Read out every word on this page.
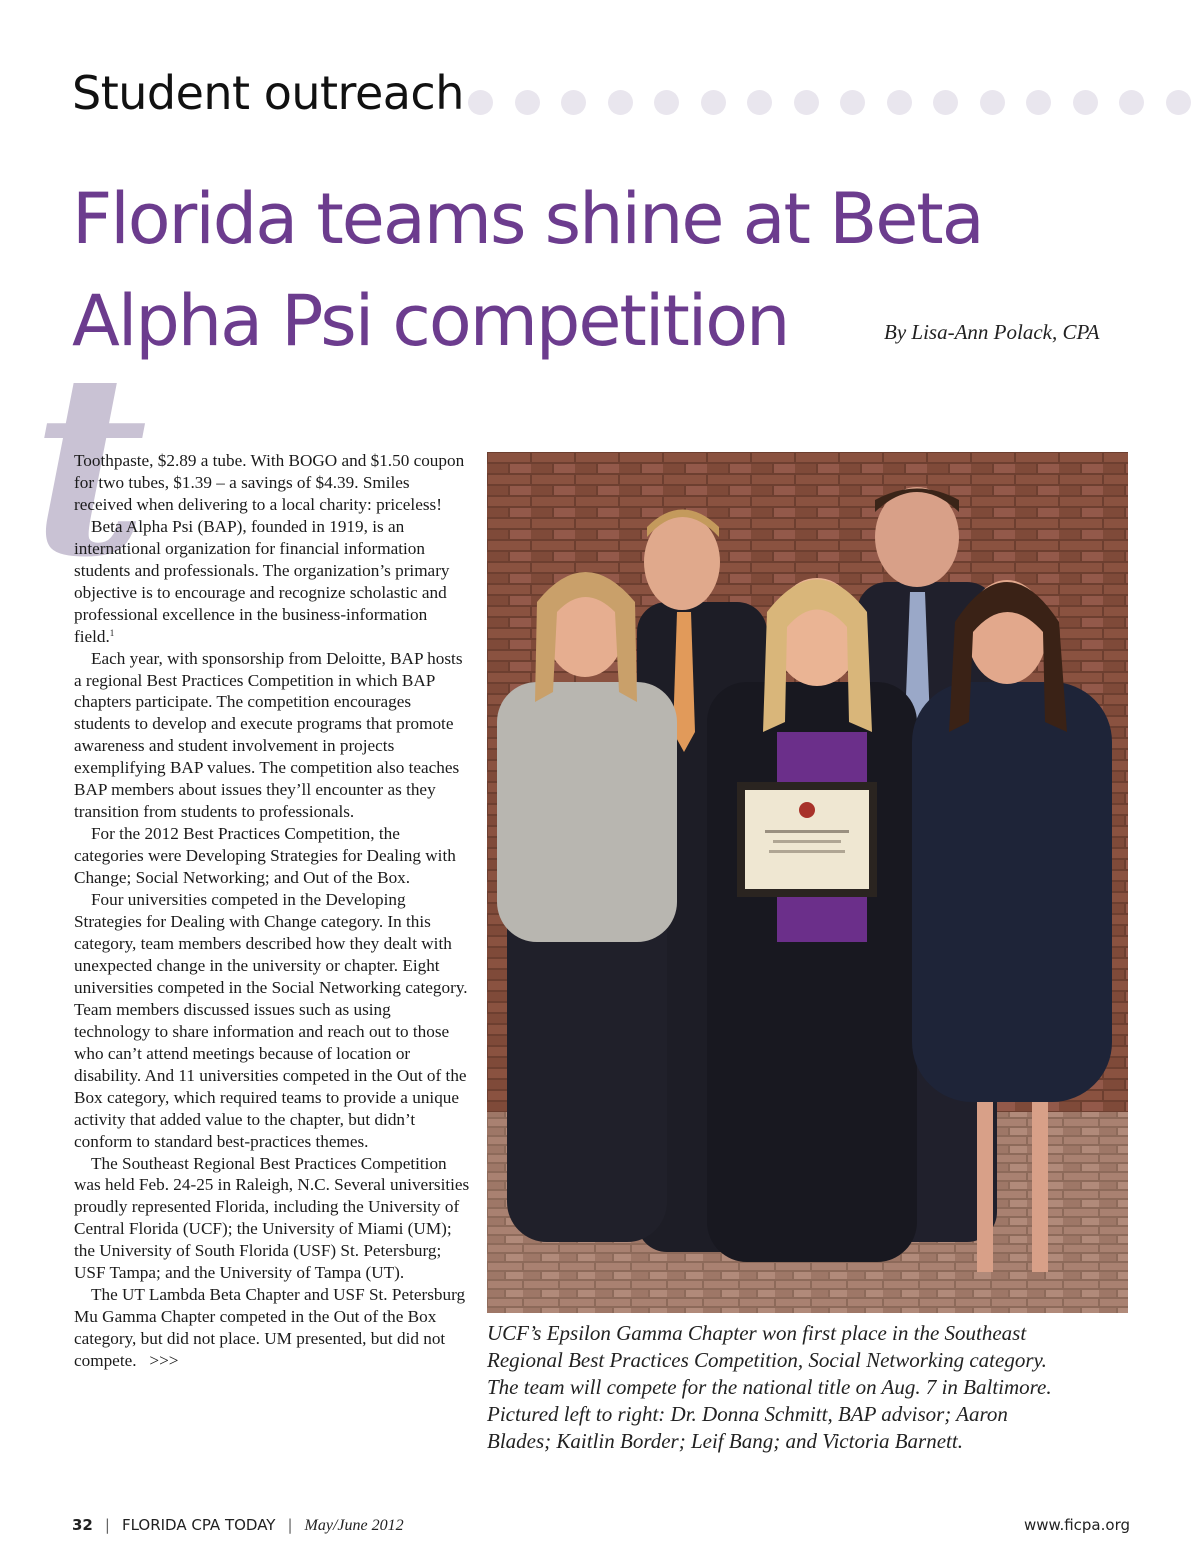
Student outreach
Florida teams shine at Beta
Alpha Psi competition	By Lisa-Ann Polack, CPA
t

Toothpaste, $2.89 a tube. With BOGO and $1.50 coupon for two tubes, $1.39 – a savings of $4.39. Smiles received when delivering to a local charity: priceless!

Beta Alpha Psi (BAP), founded in 1919, is an international organization for financial information students and professionals. The organization’s primary objective is to encourage and recognize scholastic and professional excellence in the business-information field.$^1$

Each year, with sponsorship from Deloitte, BAP hosts a regional Best Practices Competition in which BAP chapters participate. The competition encourages students to develop and execute programs that promote awareness and student involvement in projects exemplifying BAP values. The competition also teaches BAP members about issues they’ll encounter as they transition from students to professionals.

For the 2012 Best Practices Competition, the categories were Developing Strategies for Dealing with Change; Social Networking; and Out of the Box.

Four universities competed in the Developing Strategies for Dealing with Change category. In this category, team members described how they dealt with unexpected change in the university or chapter. Eight universities competed in the Social Networking category. Team members discussed issues such as using technology to share information and reach out to those who can’t attend meetings because of location or disability. And 11 universities competed in the Out of the Box category, which required teams to provide a unique activity that added value to the chapter, but didn’t conform to standard best-practices themes.

The Southeast Regional Best Practices Competition was held Feb. 24-25 in Raleigh, N.C. Several universities proudly represented Florida, including the University of Central Florida (UCF); the University of Miami (UM); the University of South Florida (USF) St. Petersburg; USF Tampa; and the University of Tampa (UT).

The UT Lambda Beta Chapter and USF St. Petersburg Mu Gamma Chapter competed in the Out of the Box category, but did not place. UM presented, but did not compete. >>>

UCF’s Epsilon Gamma Chapter won first place in the Southeast
Regional Best Practices Competition, Social Networking category.
The team will compete for the national title on Aug. 7 in Baltimore.
Pictured left to right: Dr. Donna Schmitt, BAP advisor; Aaron
Blades; Kaitlin Border; Leif Bang; and Victoria Barnett.
32 | FLORIDA CPA TODAY | May/June 2012	www.ficpa.org
